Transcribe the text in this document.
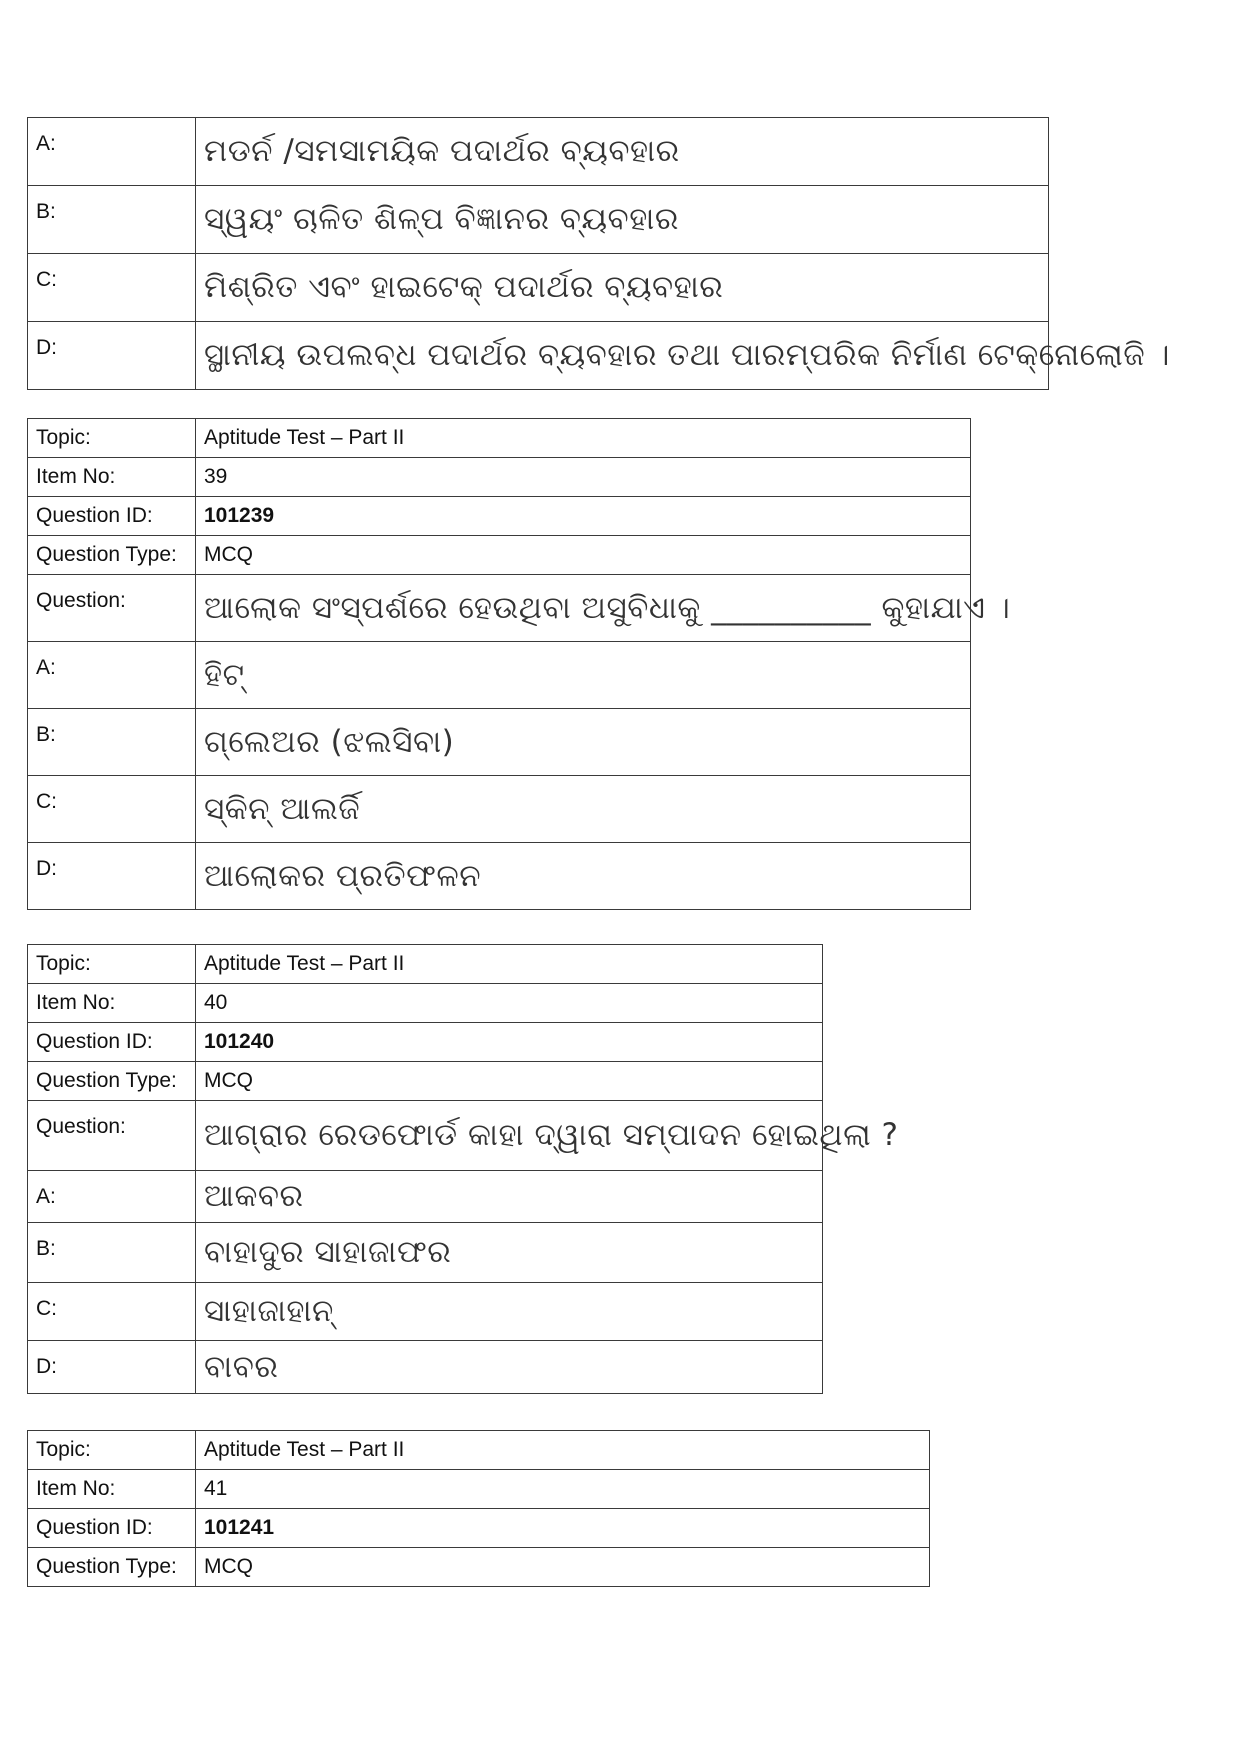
A:	ମଡର୍ନ /ସମସାମୟିକ ପଦାର୍ଥର ବ୍ୟବହାର
B:	ସ୍ୱୟଂ ଚାଳିତ ଶିଳ୍ପ ବିଜ୍ଞାନର ବ୍ୟବହାର
C:	ମିଶ୍ରିତ ଏବଂ ହାଇଟେକ୍ ପଦାର୍ଥର ବ୍ୟବହାର
D:	ସ୍ଥାନୀୟ ଉପଲବ୍ଧ ପଦାର୍ଥର ବ୍ୟବହାର ତଥା ପାରମ୍ପରିକ ନିର୍ମାଣ ଟେକ୍ନୋଲୋଜି ।
Topic:	Aptitude Test – Part II
Item No:	39
Question ID:	101239
Question Type:	MCQ
Question:	ଆଲୋକ ସଂସ୍ପର୍ଶରେ ହେଉଥିବା ଅସୁବିଧାକୁ __________ କୁହାଯାଏ ।
A:	ହିଟ୍
B:	ଗ୍ଲେଅର (ଝଲସିବା)
C:	ସ୍କିନ୍ ଆଲର୍ଜି
D:	ଆଲୋକର ପ୍ରତିଫଳନ
Topic:	Aptitude Test – Part II
Item No:	40
Question ID:	101240
Question Type:	MCQ
Question:	ଆଗ୍ରାର ରେଡଫୋର୍ଡ କାହା ଦ୍ୱାରା ସମ୍ପାଦନ ହୋଇଥିଲା ?
A:	ଆକବର
B:	ବାହାଦୁର ସାହାଜାଫର
C:	ସାହାଜାହାନ୍
D:	ବାବର
Topic:	Aptitude Test – Part II
Item No:	41
Question ID:	101241
Question Type:	MCQ
